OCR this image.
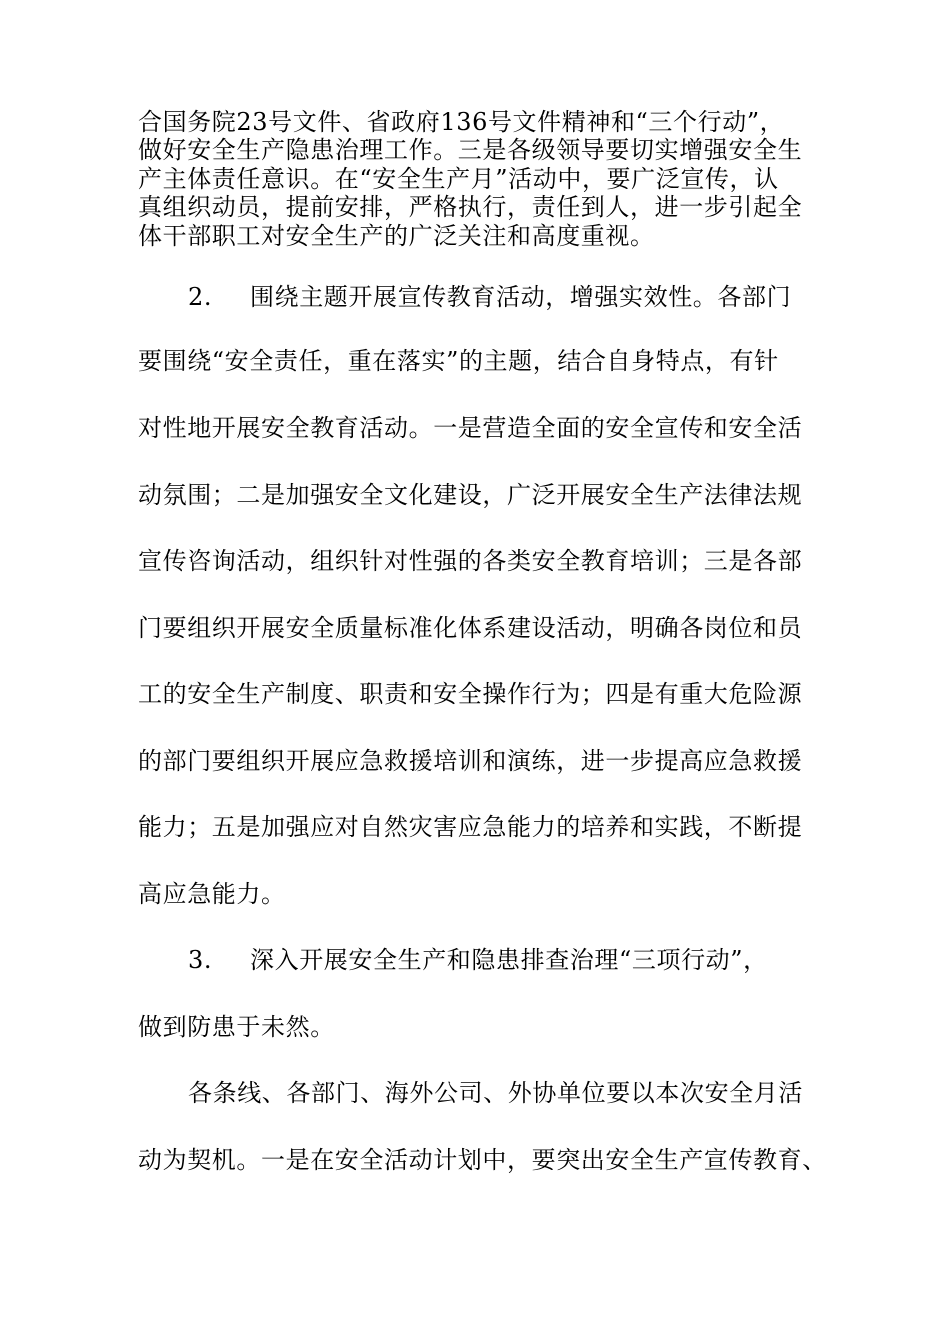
合国务院23号文件、省政府136号文件精神和“三个行动”，
做好安全生产隐患治理工作。三是各级领导要切实增强安全生
产主体责任意识。在“安全生产月”活动中，要广泛宣传，认
真组织动员，提前安排，严格执行，责任到人，进一步引起全
体干部职工对安全生产的广泛关注和高度重视。
2. 围绕主题开展宣传教育活动，增强实效性。各部门
要围绕“安全责任，重在落实”的主题，结合自身特点，有针
对性地开展安全教育活动。一是营造全面的安全宣传和安全活
动氛围；二是加强安全文化建设，广泛开展安全生产法律法规
宣传咨询活动，组织针对性强的各类安全教育培训；三是各部
门要组织开展安全质量标准化体系建设活动，明确各岗位和员
工的安全生产制度、职责和安全操作行为；四是有重大危险源
的部门要组织开展应急救援培训和演练，进一步提高应急救援
能力；五是加强应对自然灾害应急能力的培养和实践，不断提
高应急能力。
3. 深入开展安全生产和隐患排查治理“三项行动”，
做到防患于未然。
各条线、各部门、海外公司、外协单位要以本次安全月活
动为契机。一是在安全活动计划中，要突出安全生产宣传教育、
